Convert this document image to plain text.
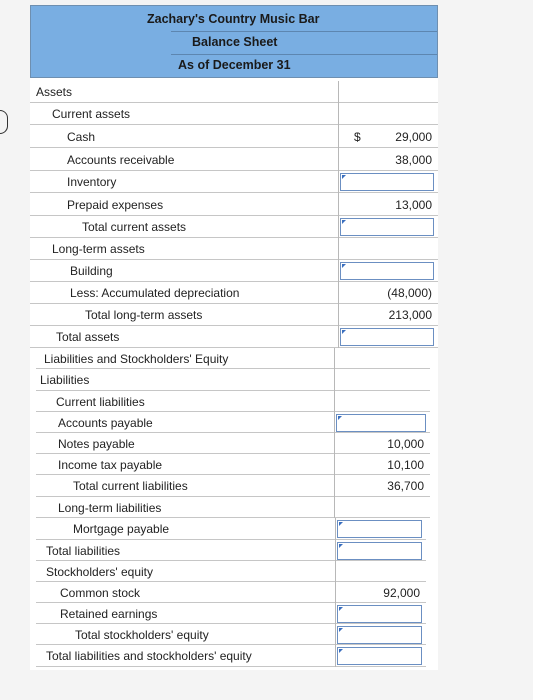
Zachary's Country Music Bar
Balance Sheet
As of December 31
Assets
Current assets
Cash	$	29,000
Accounts receivable	38,000
Inventory
Prepaid expenses	13,000
Total current assets
Long-term assets
Building
Less: Accumulated depreciation	(48,000)
Total long-term assets	213,000
Total assets
Liabilities and Stockholders' Equity
Liabilities
Current liabilities
Accounts payable
Notes payable	10,000
Income tax payable	10,100
Total current liabilities	36,700
Long-term liabilities
Mortgage payable
Total liabilities
Stockholders' equity
Common stock	92,000
Retained earnings
Total stockholders' equity
Total liabilities and stockholders' equity
